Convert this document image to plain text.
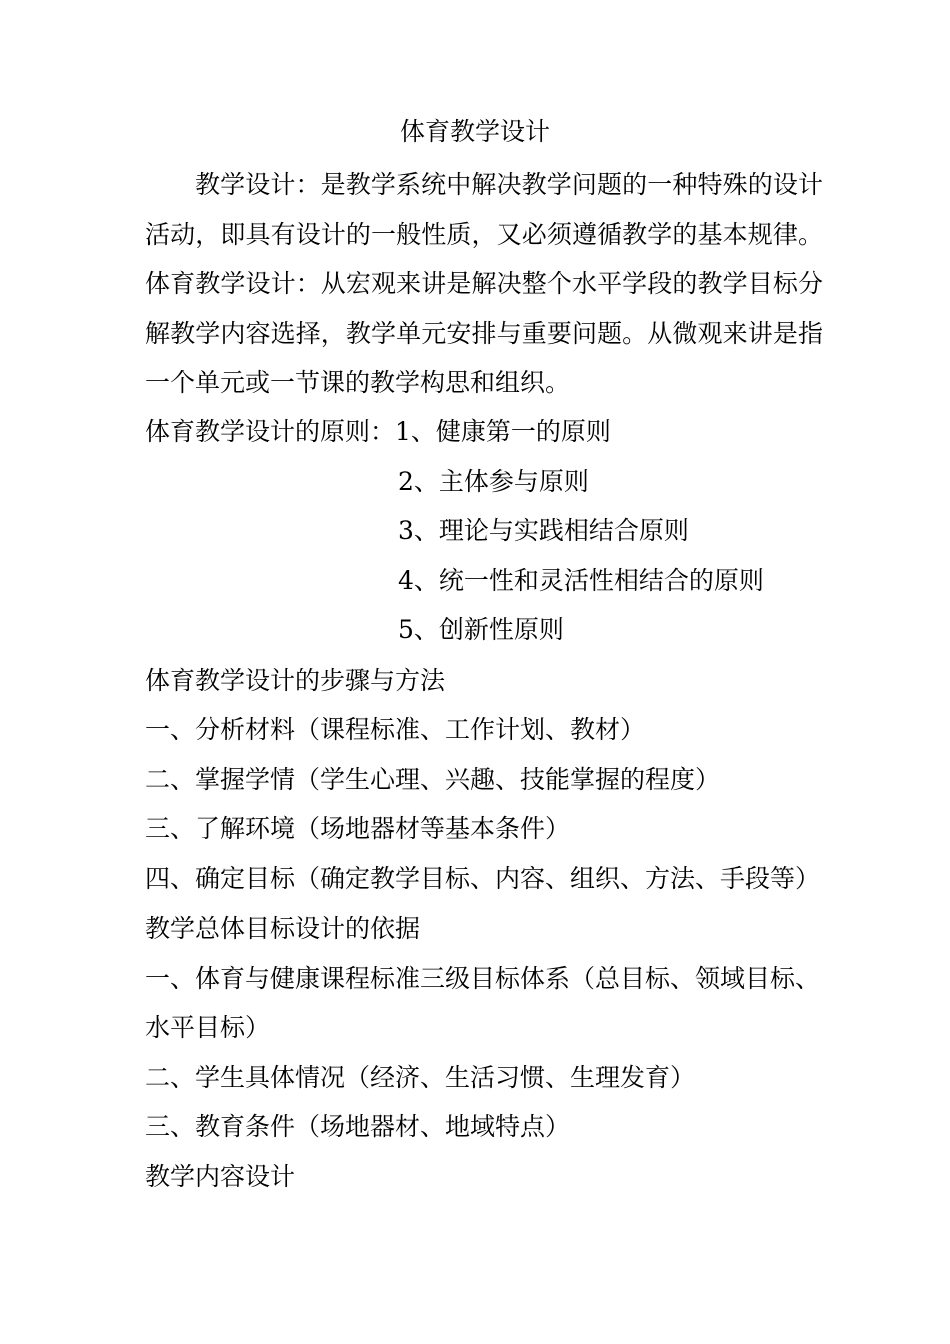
体育教学设计
教学设计：是教学系统中解决教学问题的一种特殊的设计活动，即具有设计的一般性质，又必须遵循教学的基本规律。 体育教学设计：从宏观来讲是解决整个水平学段的教学目标分解教学内容选择，教学单元安排与重要问题。从微观来讲是指一个单元或一节课的教学构思和组织。
体育教学设计的原则：1、健康第一的原则
2、主体参与原则
3、理论与实践相结合原则
4、统一性和灵活性相结合的原则
5、创新性原则
体育教学设计的步骤与方法
一、分析材料（课程标准、工作计划、教材）
二、掌握学情（学生心理、兴趣、技能掌握的程度）
三、了解环境（场地器材等基本条件）
四、确定目标（确定教学目标、内容、组织、方法、手段等）
教学总体目标设计的依据
一、体育与健康课程标准三级目标体系（总目标、领域目标、
水平目标）
二、学生具体情况（经济、生活习惯、生理发育）
三、教育条件（场地器材、地域特点）
教学内容设计
